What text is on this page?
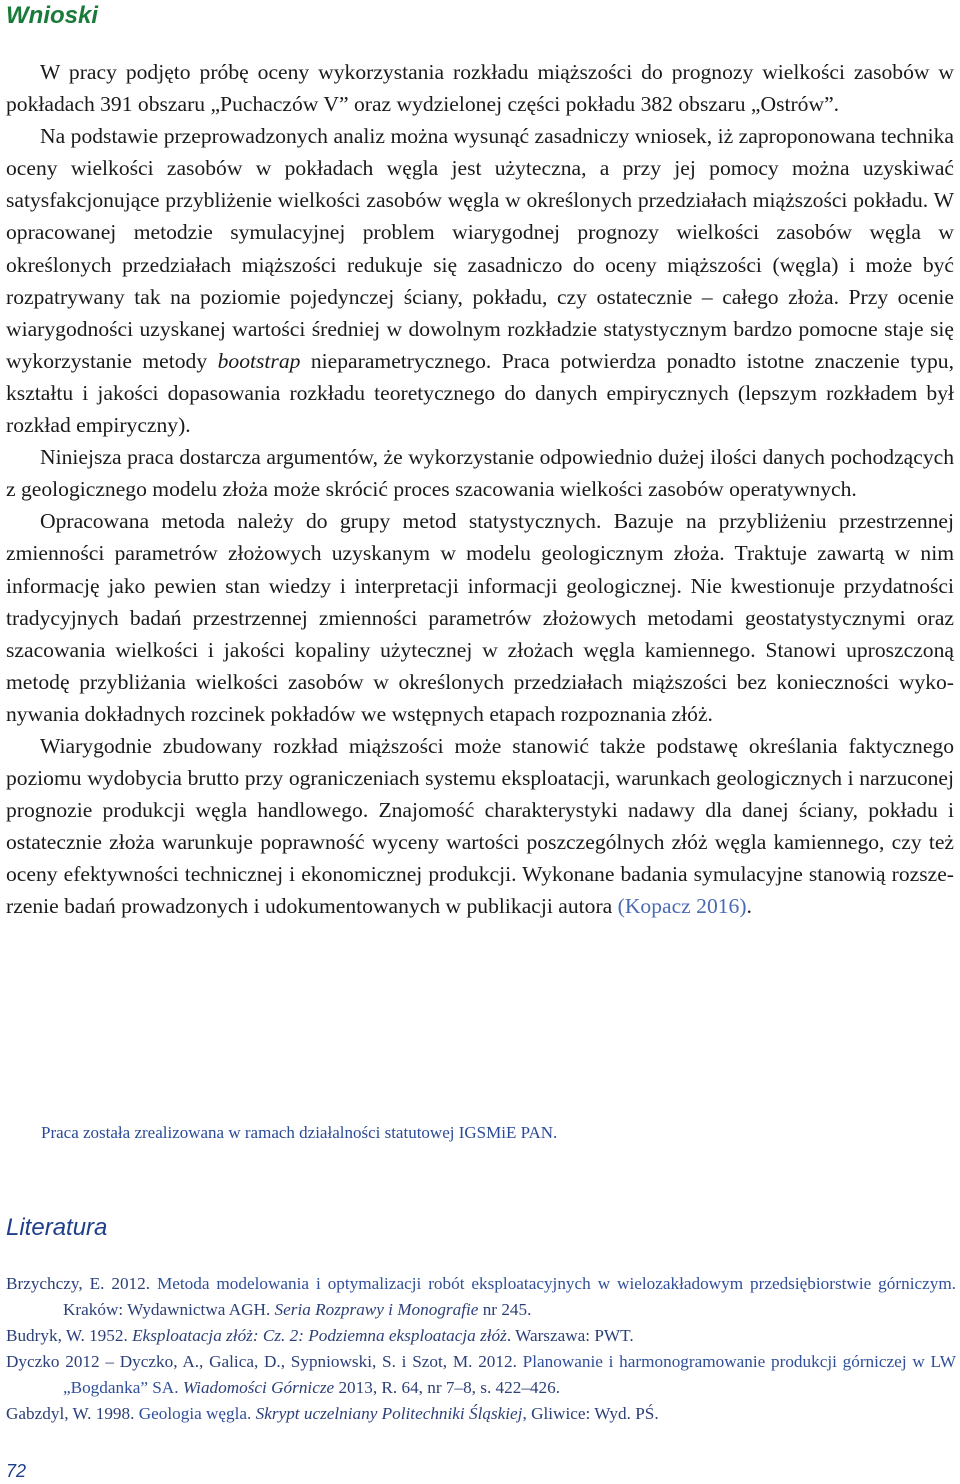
Wnioski

W pracy podjęto próbę oceny wykorzystania rozkładu miąższości do prognozy wielkości zasobów w pokładach 391 obszaru „Puchaczów V” oraz wydzielonej części pokładu 382 obszaru „Ostrów”.

Na podstawie przeprowadzonych analiz można wysunąć zasadniczy wniosek, iż zaproponowana technika oceny wielkości zasobów w pokładach węgla jest użyteczna, a przy jej pomocy można uzyskiwać satysfakcjonujące przybliżenie wielkości zasobów węgla w określonych przedziałach miąższości pokładu. W opracowanej metodzie symulacyjnej problem wiarygodnej prognozy wielkości zasobów węgla w określonych przedziałach miąższości redukuje się zasadniczo do oceny miąższości (węgla) i może być rozpatrywany tak na poziomie pojedynczej ściany, pokładu, czy ostatecznie – całego złoża. Przy ocenie wiarygodności uzyskanej wartości średniej w dowolnym rozkładzie statystycznym bardzo pomocne staje się wykorzystanie metody bootstrap nieparametrycznego. Praca potwierdza ponadto istotne znaczenie typu, kształtu i jakości dopasowania rozkładu teoretycznego do danych empirycznych (lepszym rozkładem był rozkład empiryczny).

Niniejsza praca dostarcza argumentów, że wykorzystanie odpowiednio dużej ilości danych pochodzących z geologicznego modelu złoża może skrócić proces szacowania wielkości zasobów operatywnych.

Opracowana metoda należy do grupy metod statystycznych. Bazuje na przybliżeniu przestrzennej zmienności parametrów złożowych uzyskanym w modelu geologicznym złoża. Traktuje zawartą w nim informację jako pewien stan wiedzy i interpretacji informacji geologicznej. Nie kwestionuje przydatności tradycyjnych badań przestrzennej zmienności parametrów złożowych metodami geostatystycznymi oraz szacowania wielkości i jakości kopaliny użytecznej w złożach węgla kamiennego. Stanowi uproszczoną metodę przybliżania wielkości zasobów w określonych przedziałach miąższości bez konieczności wykonywania dokładnych rozcinek pokładów we wstępnych etapach rozpoznania złóż.

Wiarygodnie zbudowany rozkład miąższości może stanowić także podstawę określania faktycznego poziomu wydobycia brutto przy ograniczeniach systemu eksploatacji, warunkach geologicznych i narzuconej prognozie produkcji węgla handlowego. Znajomość charakterystyki nadawy dla danej ściany, pokładu i ostatecznie złoża warunkuje poprawność wyceny wartości poszczególnych złóż węgla kamiennego, czy też oceny efektywności technicznej i ekonomicznej produkcji. Wykonane badania symulacyjne stanowią rozszerzenie badań prowadzonych i udokumentowanych w publikacji autora (Kopacz 2016).

Praca została zrealizowana w ramach działalności statutowej IGSMiE PAN.
Literatura
Brzychczy, E. 2012. Metoda modelowania i optymalizacji robót eksploatacyjnych w wielozakładowym przedsiębiorstwie górniczym. Kraków: Wydawnictwa AGH. Seria Rozprawy i Monografie nr 245.
Budryk, W. 1952. Eksploatacja złóż: Cz. 2: Podziemna eksploatacja złóż. Warszawa: PWT.
Dyczko 2012 – Dyczko, A., Galica, D., Sypniowski, S. i Szot, M. 2012. Planowanie i harmonogramowanie produkcji górniczej w LW „Bogdanka” SA. Wiadomości Górnicze 2013, R. 64, nr 7–8, s. 422–426.
Gabzdyl, W. 1998. Geologia węgla. Skrypt uczelniany Politechniki Śląskiej, Gliwice: Wyd. PŚ.
72
